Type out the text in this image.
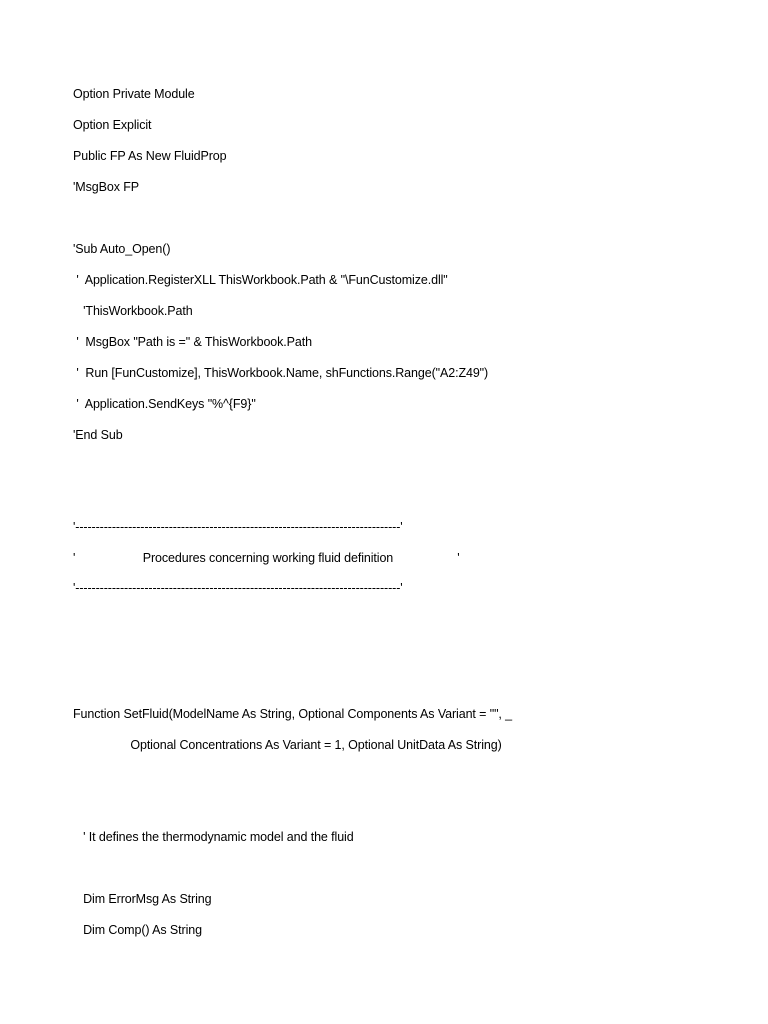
Option Private Module
Option Explicit
Public FP As New FluidProp
'MsgBox FP
'Sub Auto_Open()
'  Application.RegisterXLL ThisWorkbook.Path & "\FunCustomize.dll"
'ThisWorkbook.Path
'  MsgBox "Path is =" & ThisWorkbook.Path
'  Run [FunCustomize], ThisWorkbook.Name, shFunctions.Range("A2:Z49")
'  Application.SendKeys "%^{F9}"
'End Sub
'--------------------------------------------------------------------------------'
'                    Procedures concerning working fluid definition                   '
'--------------------------------------------------------------------------------'
Function SetFluid(ModelName As String, Optional Components As Variant = "", _
Optional Concentrations As Variant = 1, Optional UnitData As String)
' It defines the thermodynamic model and the fluid
Dim ErrorMsg As String
Dim Comp() As String
